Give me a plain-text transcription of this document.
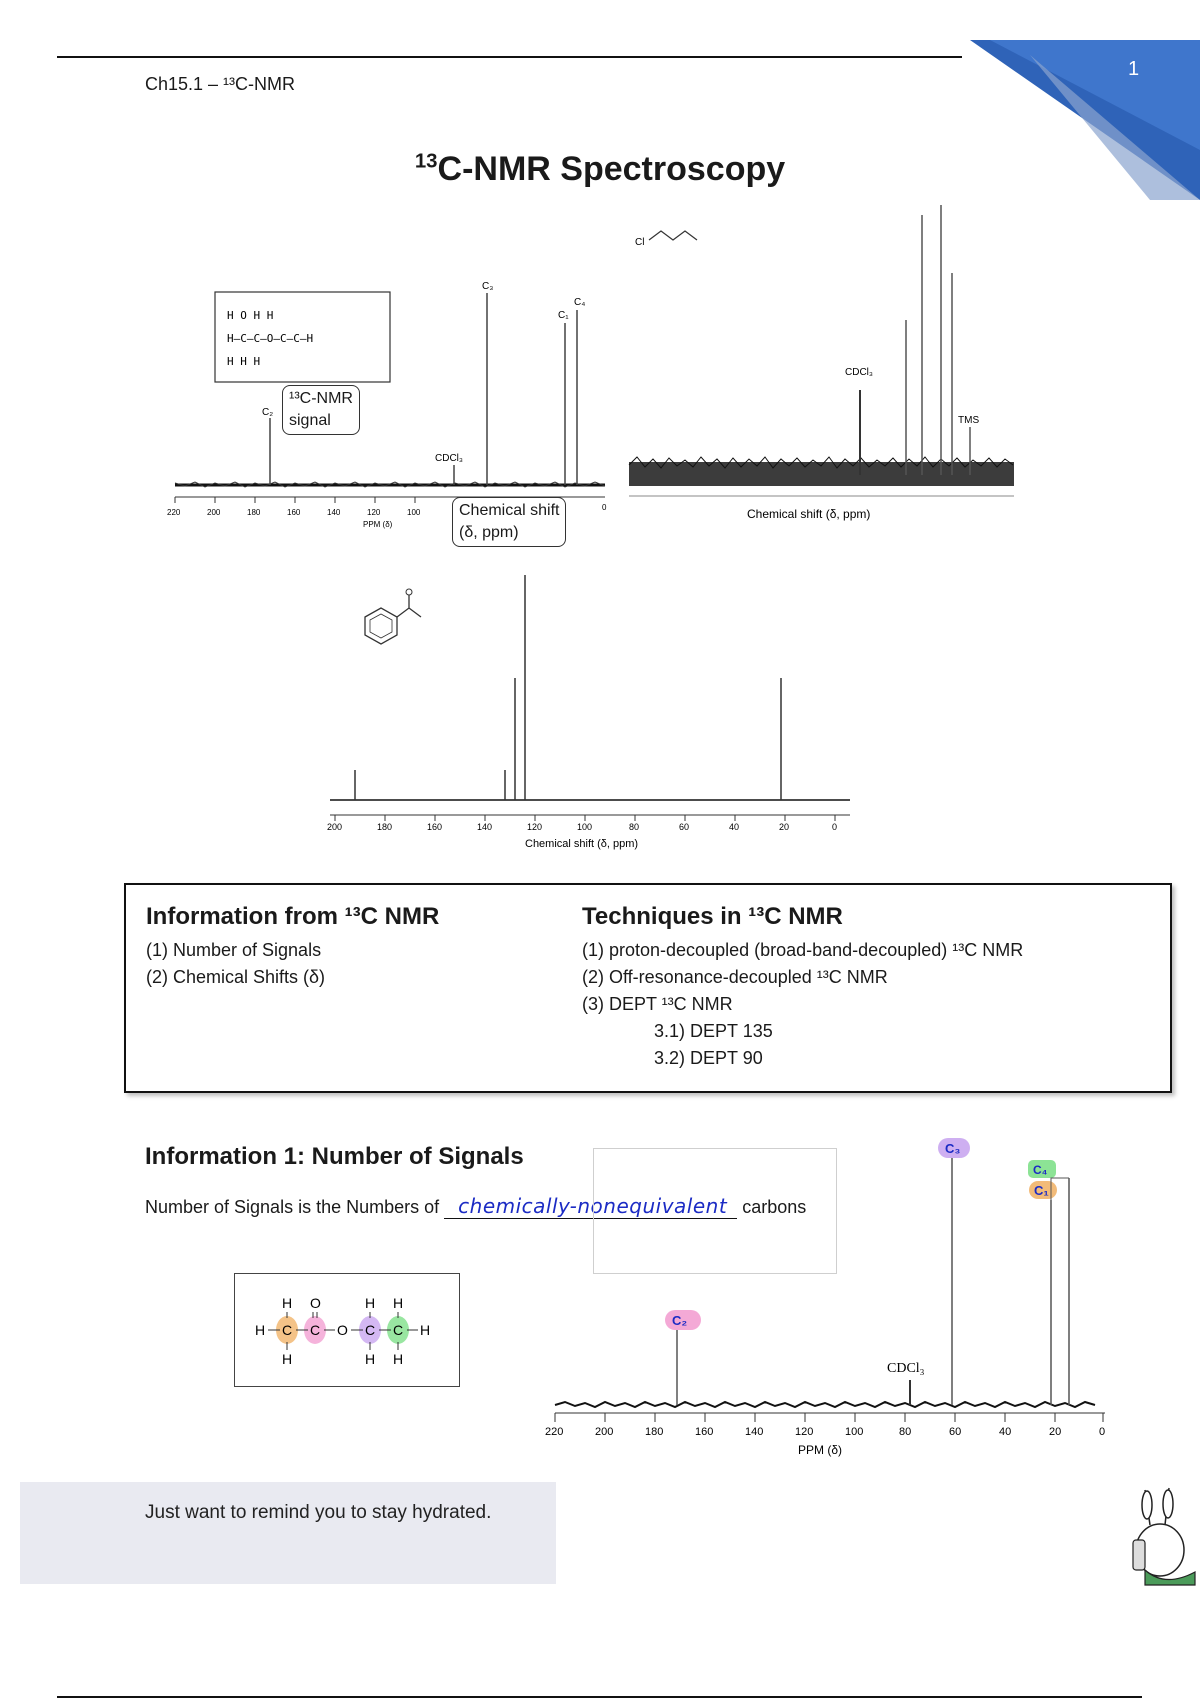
1
Ch15.1 – ¹³C-NMR
$^{13}$C-NMR Spectroscopy
H O H H
H—C—C—O—C—C—H
H H H
C₂
CDCl₃
C₃
C₁
C₄
220	200	180	160	140	120	100
PPM (δ)
0
¹³C-NMR
signal
Chemical shift
(δ, ppm)
Cl
CDCl₃
TMS
Chemical shift (δ, ppm)
200	180	160	140	120	100	80	60	40	20	0
Chemical shift (δ, ppm)
Information from ¹³C NMR
(1) Number of Signals
(2) Chemical Shifts (δ)
Techniques in ¹³C NMR
(1) proton-decoupled (broad-band-decoupled) ¹³C NMR
(2) Off-resonance-decoupled ¹³C NMR
(3) DEPT ¹³C NMR
3.1) DEPT 135
3.2) DEPT 90
Information 1: Number of Signals
Number of Signals is the Numbers of chemically-nonequivalent carbons
H O	H H
H C C O C C H
H	H H
C₃
C₁
C₄
C₂
CDCl₃
220	200	180	160	140	120	100	80	60	40	20	0
PPM (δ)
Just want to remind you to stay hydrated.
